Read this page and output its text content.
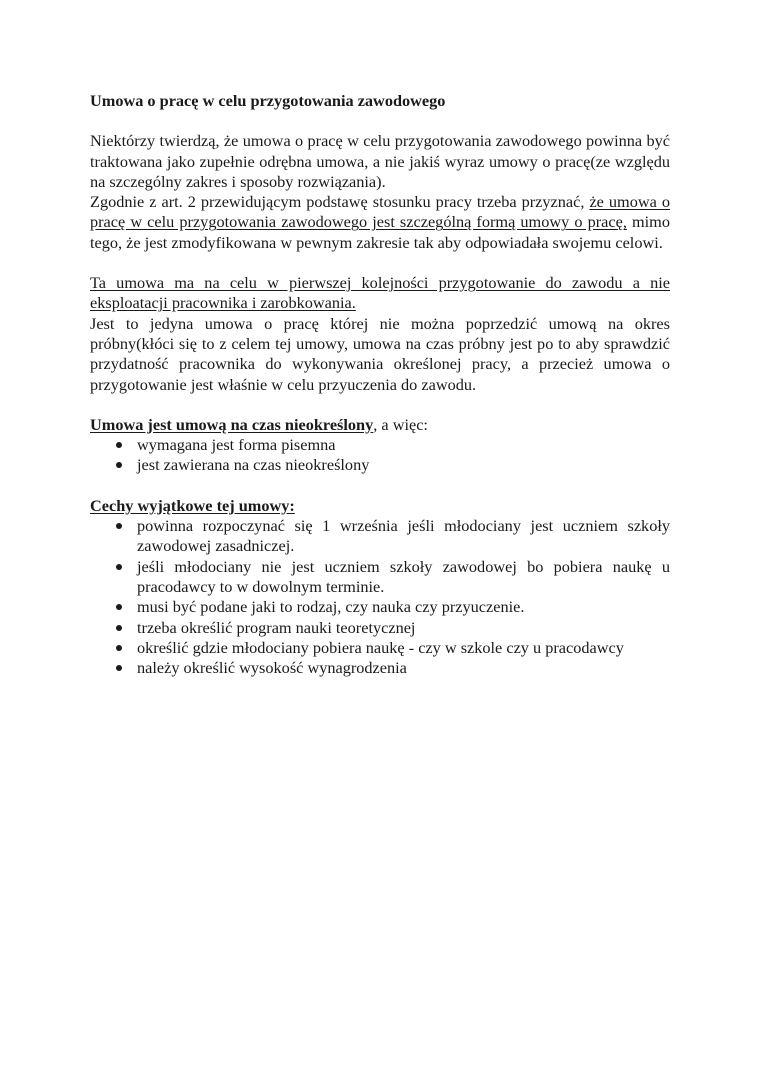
Umowa o pracę w celu przygotowania zawodowego

Niektórzy twierdzą, że umowa o pracę w celu przygotowania zawodowego powinna być traktowana jako zupełnie odrębna umowa, a nie jakiś wyraz umowy o pracę(ze względu na szczególny zakres i sposoby rozwiązania).

Zgodnie z art. 2 przewidującym podstawę stosunku pracy trzeba przyznać, że umowa o pracę w celu przygotowania zawodowego jest szczególną formą umowy o pracę, mimo tego, że jest zmodyfikowana w pewnym zakresie tak aby odpowiadała swojemu celowi.

Ta umowa ma na celu w pierwszej kolejności przygotowanie do zawodu a nie eksploatacji pracownika i zarobkowania.

Jest to jedyna umowa o pracę której nie można poprzedzić umową na okres próbny(kłóci się to z celem tej umowy, umowa na czas próbny jest po to aby sprawdzić przydatność pracownika do wykonywania określonej pracy, a przecież umowa o przygotowanie jest właśnie w celu przyuczenia do zawodu.

Umowa jest umową na czas nieokreślony, a więc:

wymagana jest forma pisemna
jest zawierana na czas nieokreślony

Cechy wyjątkowe tej umowy:

powinna rozpoczynać się 1 września jeśli młodociany jest uczniem szkoły zawodowej zasadniczej.
jeśli młodociany nie jest uczniem szkoły zawodowej bo pobiera naukę u pracodawcy to w dowolnym terminie.
musi być podane jaki to rodzaj, czy nauka czy przyuczenie.
trzeba określić program nauki teoretycznej
określić gdzie młodociany pobiera naukę - czy w szkole czy u pracodawcy
należy określić wysokość wynagrodzenia
